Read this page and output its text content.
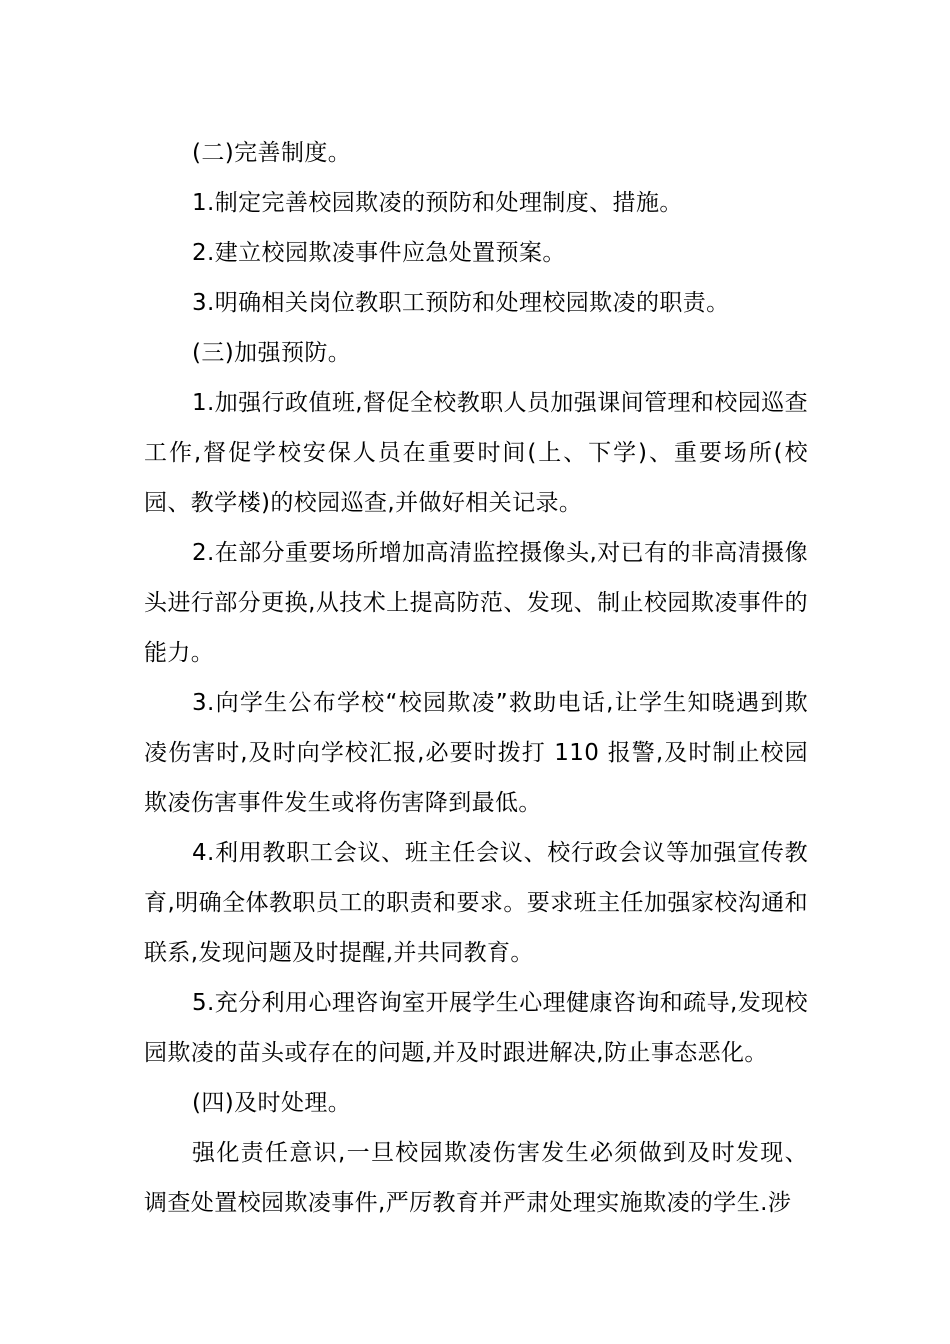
(二)完善制度。

1.制定完善校园欺凌的预防和处理制度、措施。

2.建立校园欺凌事件应急处置预案。

3.明确相关岗位教职工预防和处理校园欺凌的职责。

(三)加强预防。

1.加强行政值班,督促全校教职人员加强课间管理和校园巡查工作,督促学校安保人员在重要时间(上、下学)、重要场所(校园、教学楼)的校园巡查,并做好相关记录。

2.在部分重要场所增加高清监控摄像头,对已有的非高清摄像头进行部分更换,从技术上提高防范、发现、制止校园欺凌事件的能力。

3.向学生公布学校“校园欺凌”救助电话,让学生知晓遇到欺凌伤害时,及时向学校汇报,必要时拨打 110 报警,及时制止校园欺凌伤害事件发生或将伤害降到最低。

4.利用教职工会议、班主任会议、校行政会议等加强宣传教育,明确全体教职员工的职责和要求。要求班主任加强家校沟通和联系,发现问题及时提醒,并共同教育。

5.充分利用心理咨询室开展学生心理健康咨询和疏导,发现校园欺凌的苗头或存在的问题,并及时跟进解决,防止事态恶化。

(四)及时处理。

强化责任意识,一旦校园欺凌伤害发生必须做到及时发现、调查处置校园欺凌事件,严厉教育并严肃处理实施欺凌的学生.涉
